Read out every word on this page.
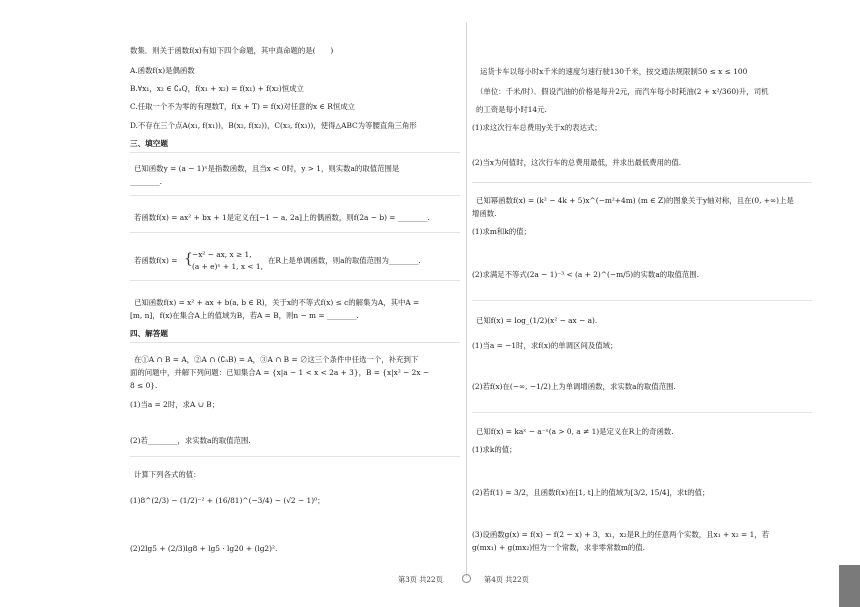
数集．则关于函数f(x)有如下四个命题，其中真命题的是(　　)
A.函数f(x)是偶函数
B.∀x₁，x₂ ∈ ∁ₐQ，f(x₁ + x₂) = f(x₁) + f(x₂)恒成立
C.任取一个不为零的有理数T，f(x + T) = f(x)对任意的x ∈ R恒成立
D.不存在三个点A(x₁, f(x₁))，B(x₂, f(x₂))，C(x₃, f(x₃))，使得△ABC为等腰直角三角形
三、填空题
已知函数y = (a − 1)ˣ是指数函数，且当x < 0时，y > 1，则实数a的取值范围是
________.
若函数f(x) = ax² + bx + 1是定义在[−1 − a, 2a]上的偶函数，则f(2a − b) = ________.
若函数f(x) = { −x² − ax, x ≥ 1,
(a + e)ˣ + 1, x < 1,
在R上是单调函数，则a的取值范围为________.
已知函数f(x) = x² + ax + b(a, b ∈ R)，关于x的不等式f(x) ≤ c的解集为A，其中A =
[m, n]，f(x)在集合A上的值域为B，若A = B，则n − m = ________.
四、解答题
在①A ∩ B = A，②A ∩ (∁ₐB) = A，③A ∩ B = ∅这三个条件中任选一个，补充到下
面的问题中，并解下列问题：已知集合A = {x|a − 1 < x < 2a + 3}，B = {x|x² − 2x −
8 ≤ 0}.
(1)当a = 2时，求A ∪ B；
(2)若________，求实数a的取值范围.
计算下列各式的值：
(1)8^(2/3) − (1/2)⁻² + (16/81)^(−3/4) − (√2 − 1)⁰；
(2)2lg5 + (2/3)lg8 + lg5 · lg20 + (lg2)².
运货卡车以每小时x千米的速度匀速行驶130千米，按交通法规限制50 ≤ x ≤ 100
（单位：千米/时）．假设汽油的价格是每升2元，而汽车每小时耗油(2 + x²/360)升，司机
的工资是每小时14元.
(1)求这次行车总费用y关于x的表达式；
(2)当x为何值时，这次行车的总费用最低，并求出最低费用的值.
已知幂函数f(x) = (k² − 4k + 5)x^(−m²+4m) (m ∈ Z)的图象关于y轴对称，且在(0, +∞)上是
增函数.
(1)求m和k的值；
(2)求满足不等式(2a − 1)⁻³ < (a + 2)^(−m/5)的实数a的取值范围.
已知f(x) = log_(1/2)(x² − ax − a).
(1)当a = −1时，求f(x)的单调区间及值域；
(2)若f(x)在(−∞, −1/2)上为单调增函数，求实数a的取值范围.
已知f(x) = kaˣ − a⁻ˣ(a > 0, a ≠ 1)是定义在R上的奇函数.
(1)求k的值；
(2)若f(1) = 3/2，且函数f(x)在[1, t]上的值域为[3/2, 15/4]，求t的值；
(3)设函数g(x) = f(x) − f(2 − x) + 3，x₁，x₂是R上的任意两个实数，且x₁ + x₂ = 1，若
g(mx₁) + g(mx₂)恒为一个常数，求非零常数m的值.
第3页 共22页	第4页 共22页
